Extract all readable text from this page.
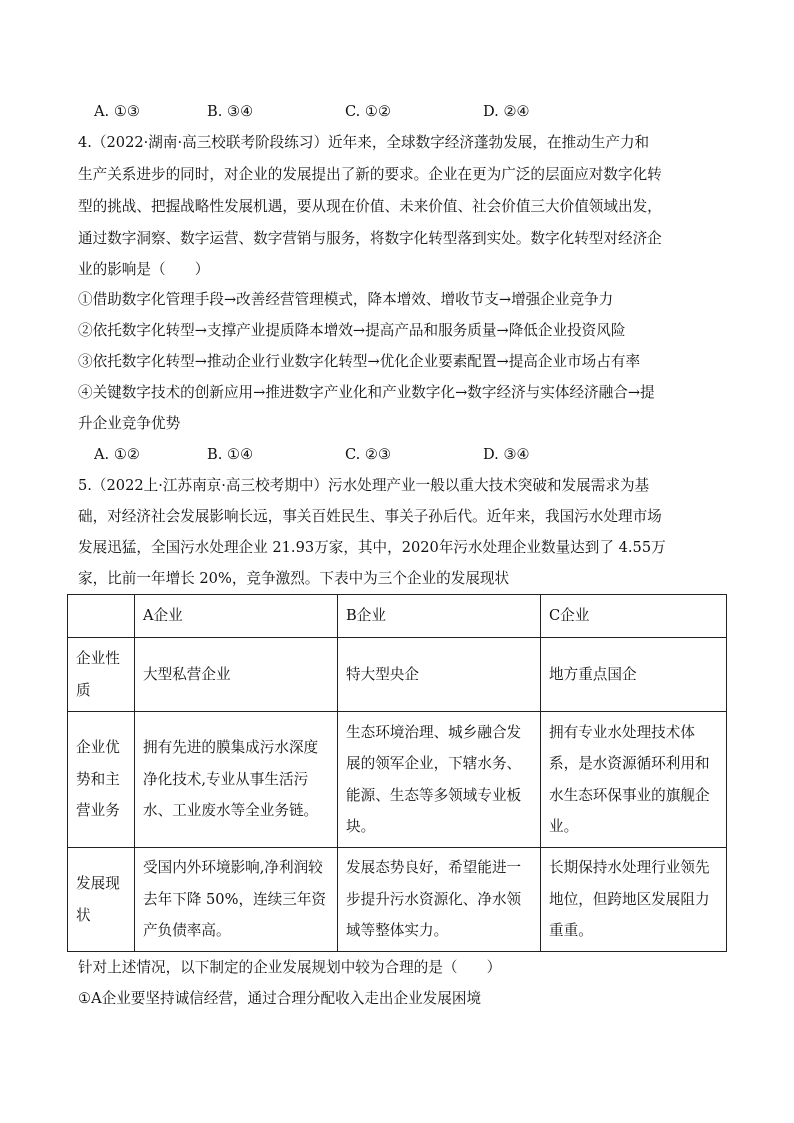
A. ①③	B. ③④	C. ①②	D. ②④
4.（2022·湖南·高三校联考阶段练习）近年来，全球数字经济蓬勃发展，在推动生产力和
生产关系进步的同时，对企业的发展提出了新的要求。企业在更为广泛的层面应对数字化转
型的挑战、把握战略性发展机遇，要从现在价值、未来价值、社会价值三大价值领域出发，
通过数字洞察、数字运营、数字营销与服务，将数字化转型落到实处。数字化转型对经济企
业的影响是（　　）
①借助数字化管理手段→改善经营管理模式，降本增效、增收节支→增强企业竞争力
②依托数字化转型→支撑产业提质降本增效→提高产品和服务质量→降低企业投资风险
③依托数字化转型→推动企业行业数字化转型→优化企业要素配置→提高企业市场占有率
④关键数字技术的创新应用→推进数字产业化和产业数字化→数字经济与实体经济融合→提
升企业竞争优势
A. ①②	B. ①④	C. ②③	D. ③④
5.（2022上·江苏南京·高三校考期中）污水处理产业一般以重大技术突破和发展需求为基
础，对经济社会发展影响长远，事关百姓民生、事关子孙后代。近年来，我国污水处理市场
发展迅猛，全国污水处理企业 21.93万家，其中，2020年污水处理企业数量达到了 4.55万
家，比前一年增长 20%，竞争激烈。下表中为三个企业的发展现状
	A企业	B企业	C企业
企业性质	大型私营企业	特大型央企	地方重点国企
企业优势和主营业务	拥有先进的膜集成污水深度净化技术,专业从事生活污水、工业废水等全业务链。	生态环境治理、城乡融合发展的领军企业，下辖水务、能源、生态等多领域专业板块。	拥有专业水处理技术体系，是水资源循环利用和水生态环保事业的旗舰企业。
发展现状	受国内外环境影响,净利润较去年下降 50%，连续三年资产负债率高。	发展态势良好，希望能进一步提升污水资源化、净水领域等整体实力。	长期保持水处理行业领先地位，但跨地区发展阻力重重。
针对上述情况，以下制定的企业发展规划中较为合理的是（　　）
①A企业要坚持诚信经营，通过合理分配收入走出企业发展困境
